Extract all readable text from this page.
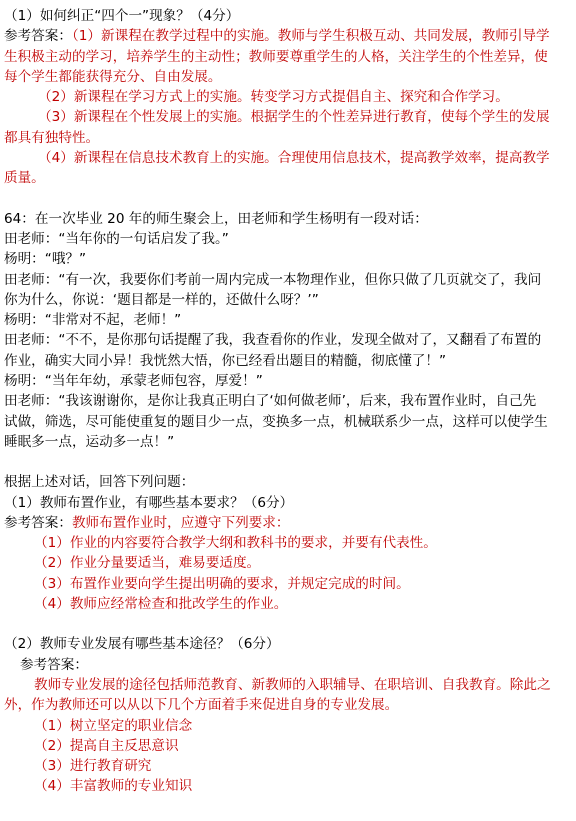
（1）如何纠正“四个一”现象？（4分）
参考答案：（1）新课程在教学过程中的实施。教师与学生积极互动、共同发展，教师引导学
生积极主动的学习，培养学生的主动性；教师要尊重学生的人格，关注学生的个性差异，使
每个学生都能获得充分、自由发展。
（2）新课程在学习方式上的实施。转变学习方式提倡自主、探究和合作学习。
（3）新课程在个性发展上的实施。根据学生的个性差异进行教育，使每个学生的发展
都具有独特性。
（4）新课程在信息技术教育上的实施。合理使用信息技术，提高教学效率，提高教学
质量。
64：在一次毕业 20 年的师生聚会上，田老师和学生杨明有一段对话：
田老师：“当年你的一句话启发了我。”
杨明：“哦？”
田老师：“有一次，我要你们考前一周内完成一本物理作业，但你只做了几页就交了，我问
你为什么，你说：‘题目都是一样的，还做什么呀？’”
杨明：“非常对不起，老师！”
田老师：“不不，是你那句话提醒了我，我查看你的作业，发现全做对了，又翻看了布置的
作业，确实大同小异！我恍然大悟，你已经看出题目的精髓，彻底懂了！”
杨明：“当年年幼，承蒙老师包容，厚爱！”
田老师：“我该谢谢你，是你让我真正明白了‘如何做老师’，后来，我布置作业时，自己先
试做，筛选，尽可能使重复的题目少一点，变换多一点，机械联系少一点，这样可以使学生
睡眠多一点，运动多一点！”
根据上述对话，回答下列问题：
（1）教师布置作业，有哪些基本要求？（6分）
参考答案：教师布置作业时，应遵守下列要求：
（1）作业的内容要符合教学大纲和教科书的要求，并要有代表性。
（2）作业分量要适当，难易要适度。
（3）布置作业要向学生提出明确的要求，并规定完成的时间。
（4）教师应经常检查和批改学生的作业。
（2）教师专业发展有哪些基本途径？（6分）
参考答案：
教师专业发展的途径包括师范教育、新教师的入职辅导、在职培训、自我教育。除此之
外，作为教师还可以从以下几个方面着手来促进自身的专业发展。
（1）树立坚定的职业信念
（2）提高自主反思意识
（3）进行教育研究
（4）丰富教师的专业知识
